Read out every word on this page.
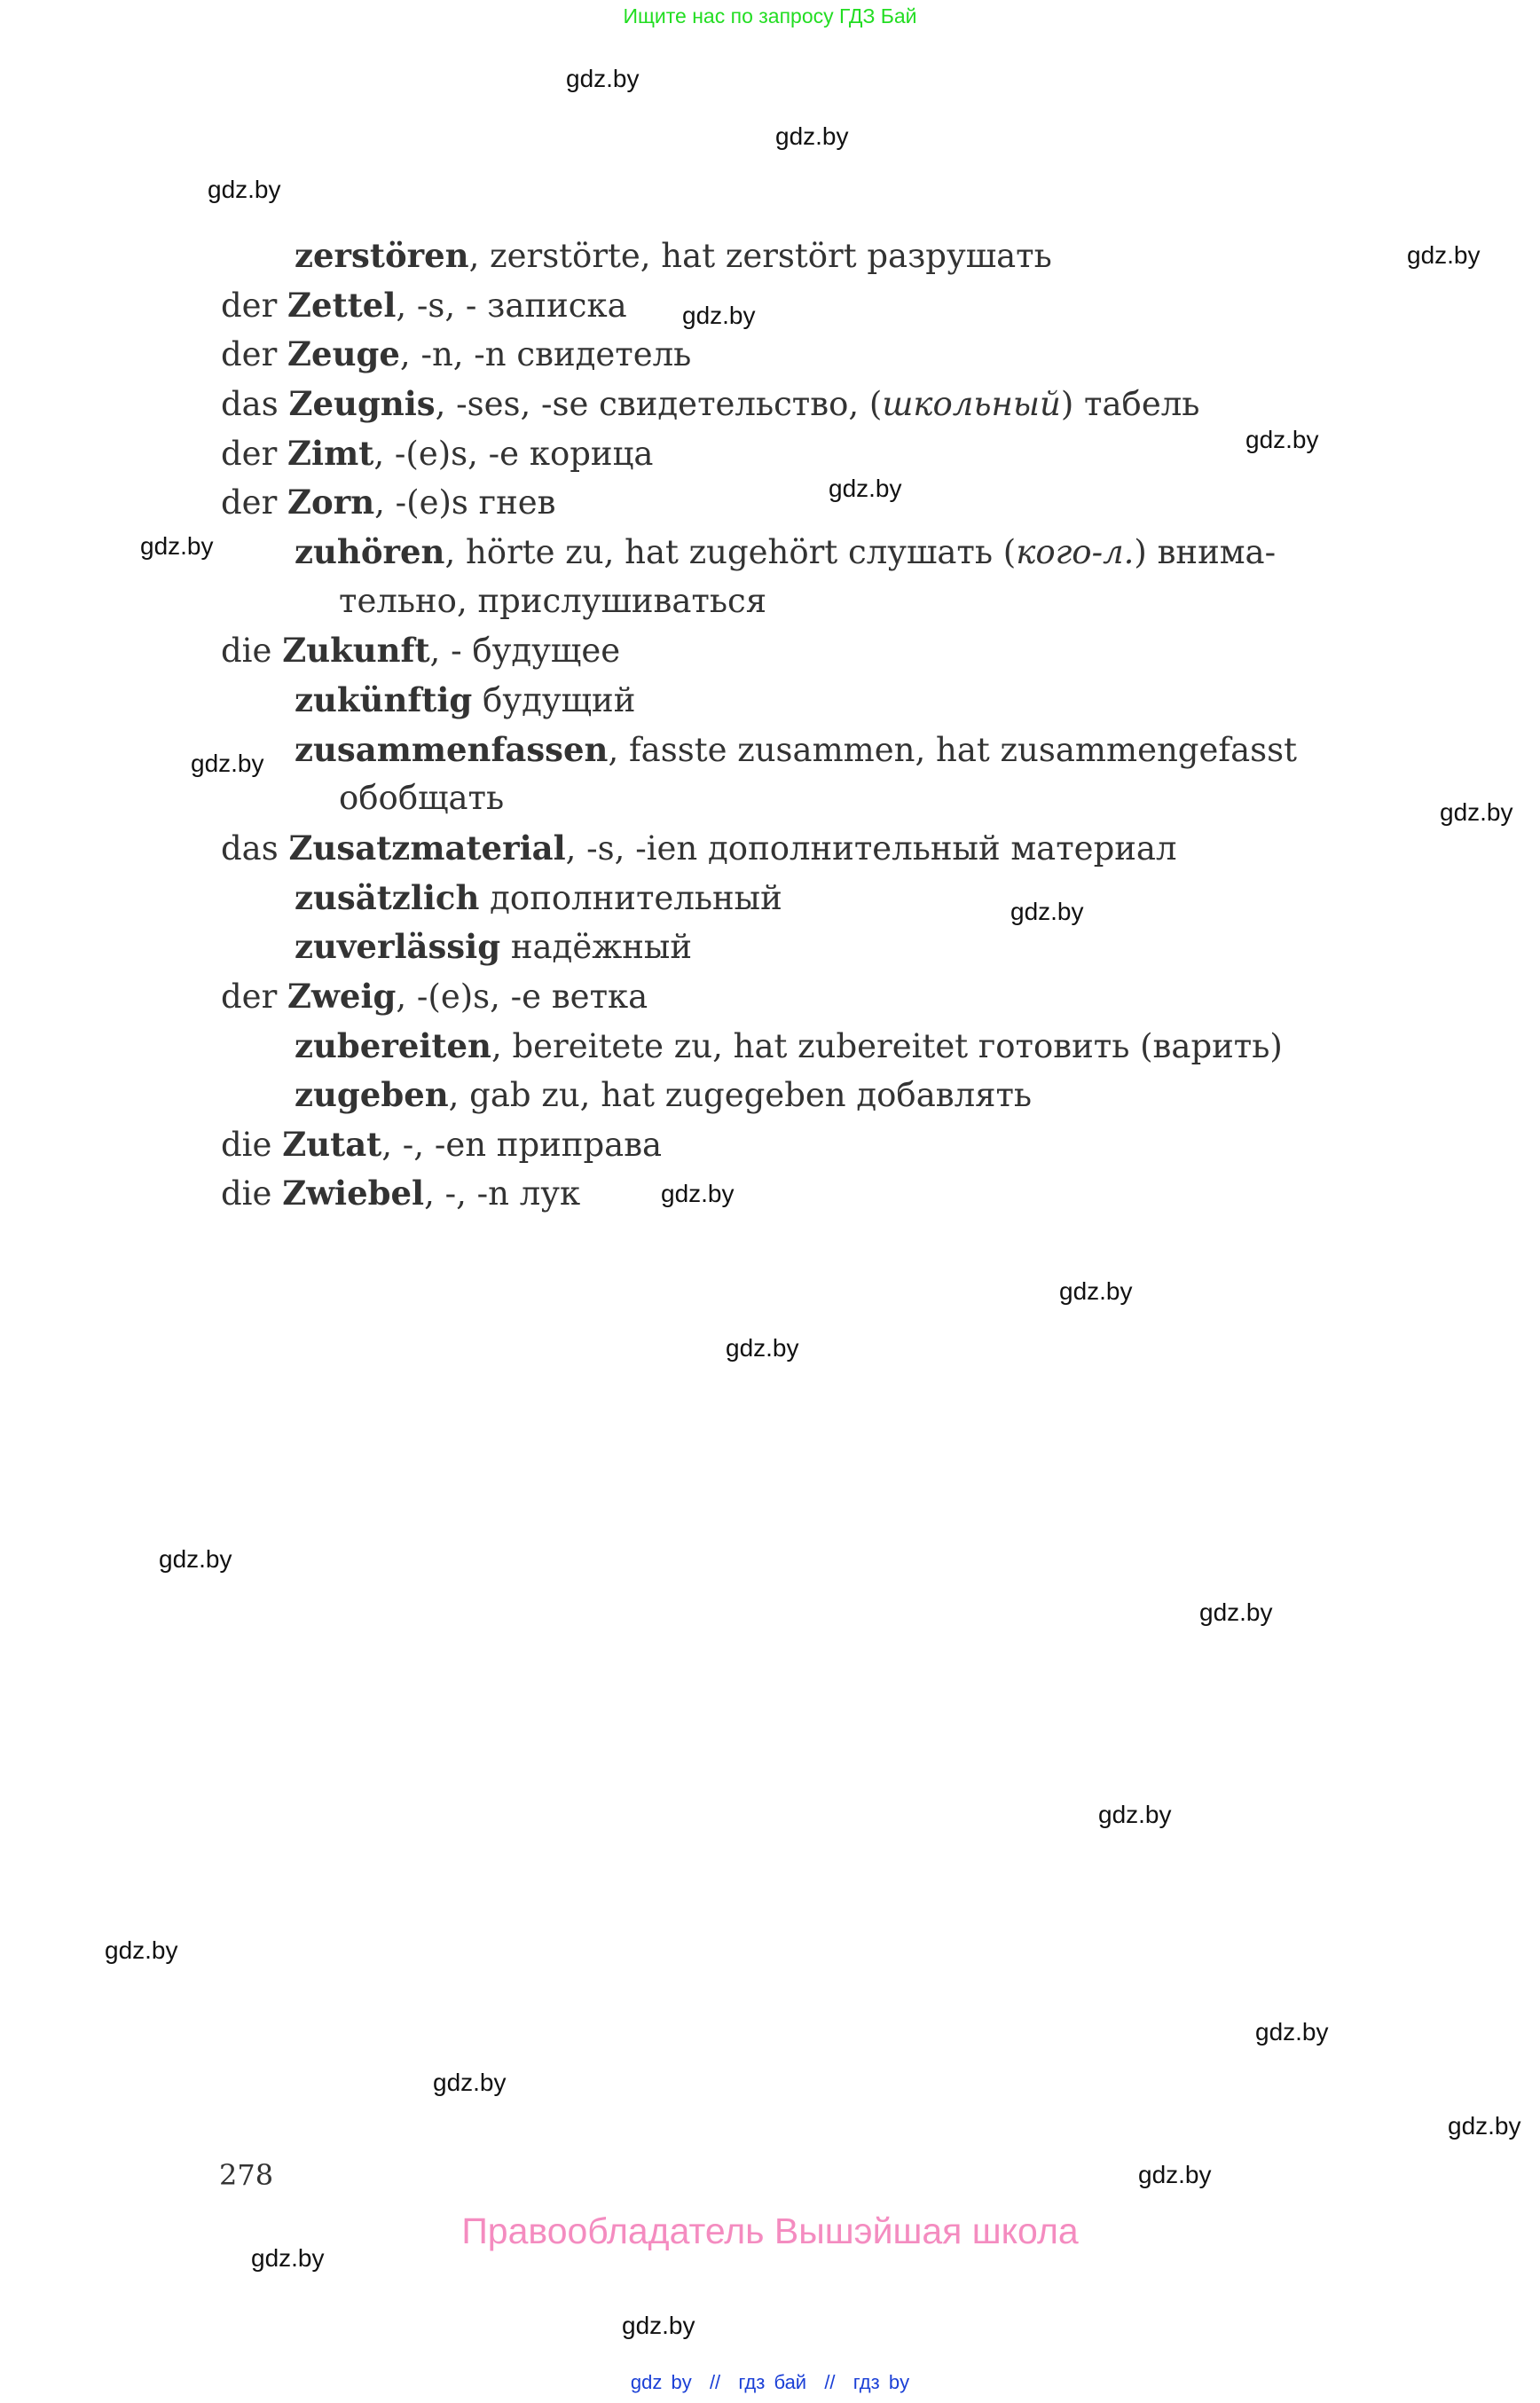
Ищите нас по запросу ГДЗ Бай
zerstören, zerstörte, hat zerstört разрушать
der Zettel, -s, - записка
der Zeuge, -n, -n свидетель
das Zeugnis, -ses, -se свидетельство, (школьный) табель
der Zimt, -(e)s, -e корица
der Zorn, -(e)s гнев
zuhören, hörte zu, hat zugehört слушать (кого-л.) внима-
тельно, прислушиваться
die Zukunft, - будущее
zukünftig будущий
zusammenfassen, fasste zusammen, hat zusammengefasst
обобщать
das Zusatzmaterial, -s, -ien дополнительный материал
zusätzlich дополнительный
zuverlässig надёжный
der Zweig, -(e)s, -e ветка
zubereiten, bereitete zu, hat zubereitet готовить (варить)
zugeben, gab zu, hat zugegeben добавлять
die Zutat, -, -en приправа
die Zwiebel, -, -n лук
gdz.by
gdz.by
gdz.by
gdz.by
gdz.by
gdz.by
gdz.by
gdz.by
gdz.by
gdz.by
gdz.by
gdz.by
gdz.by
gdz.by
gdz.by
gdz.by
gdz.by
gdz.by
gdz.by
gdz.by
gdz.by
gdz.by
gdz.by
gdz.by
278
Правообладатель Вышэйшая школа
gdz by  //  гдз бай  //  гдз by
